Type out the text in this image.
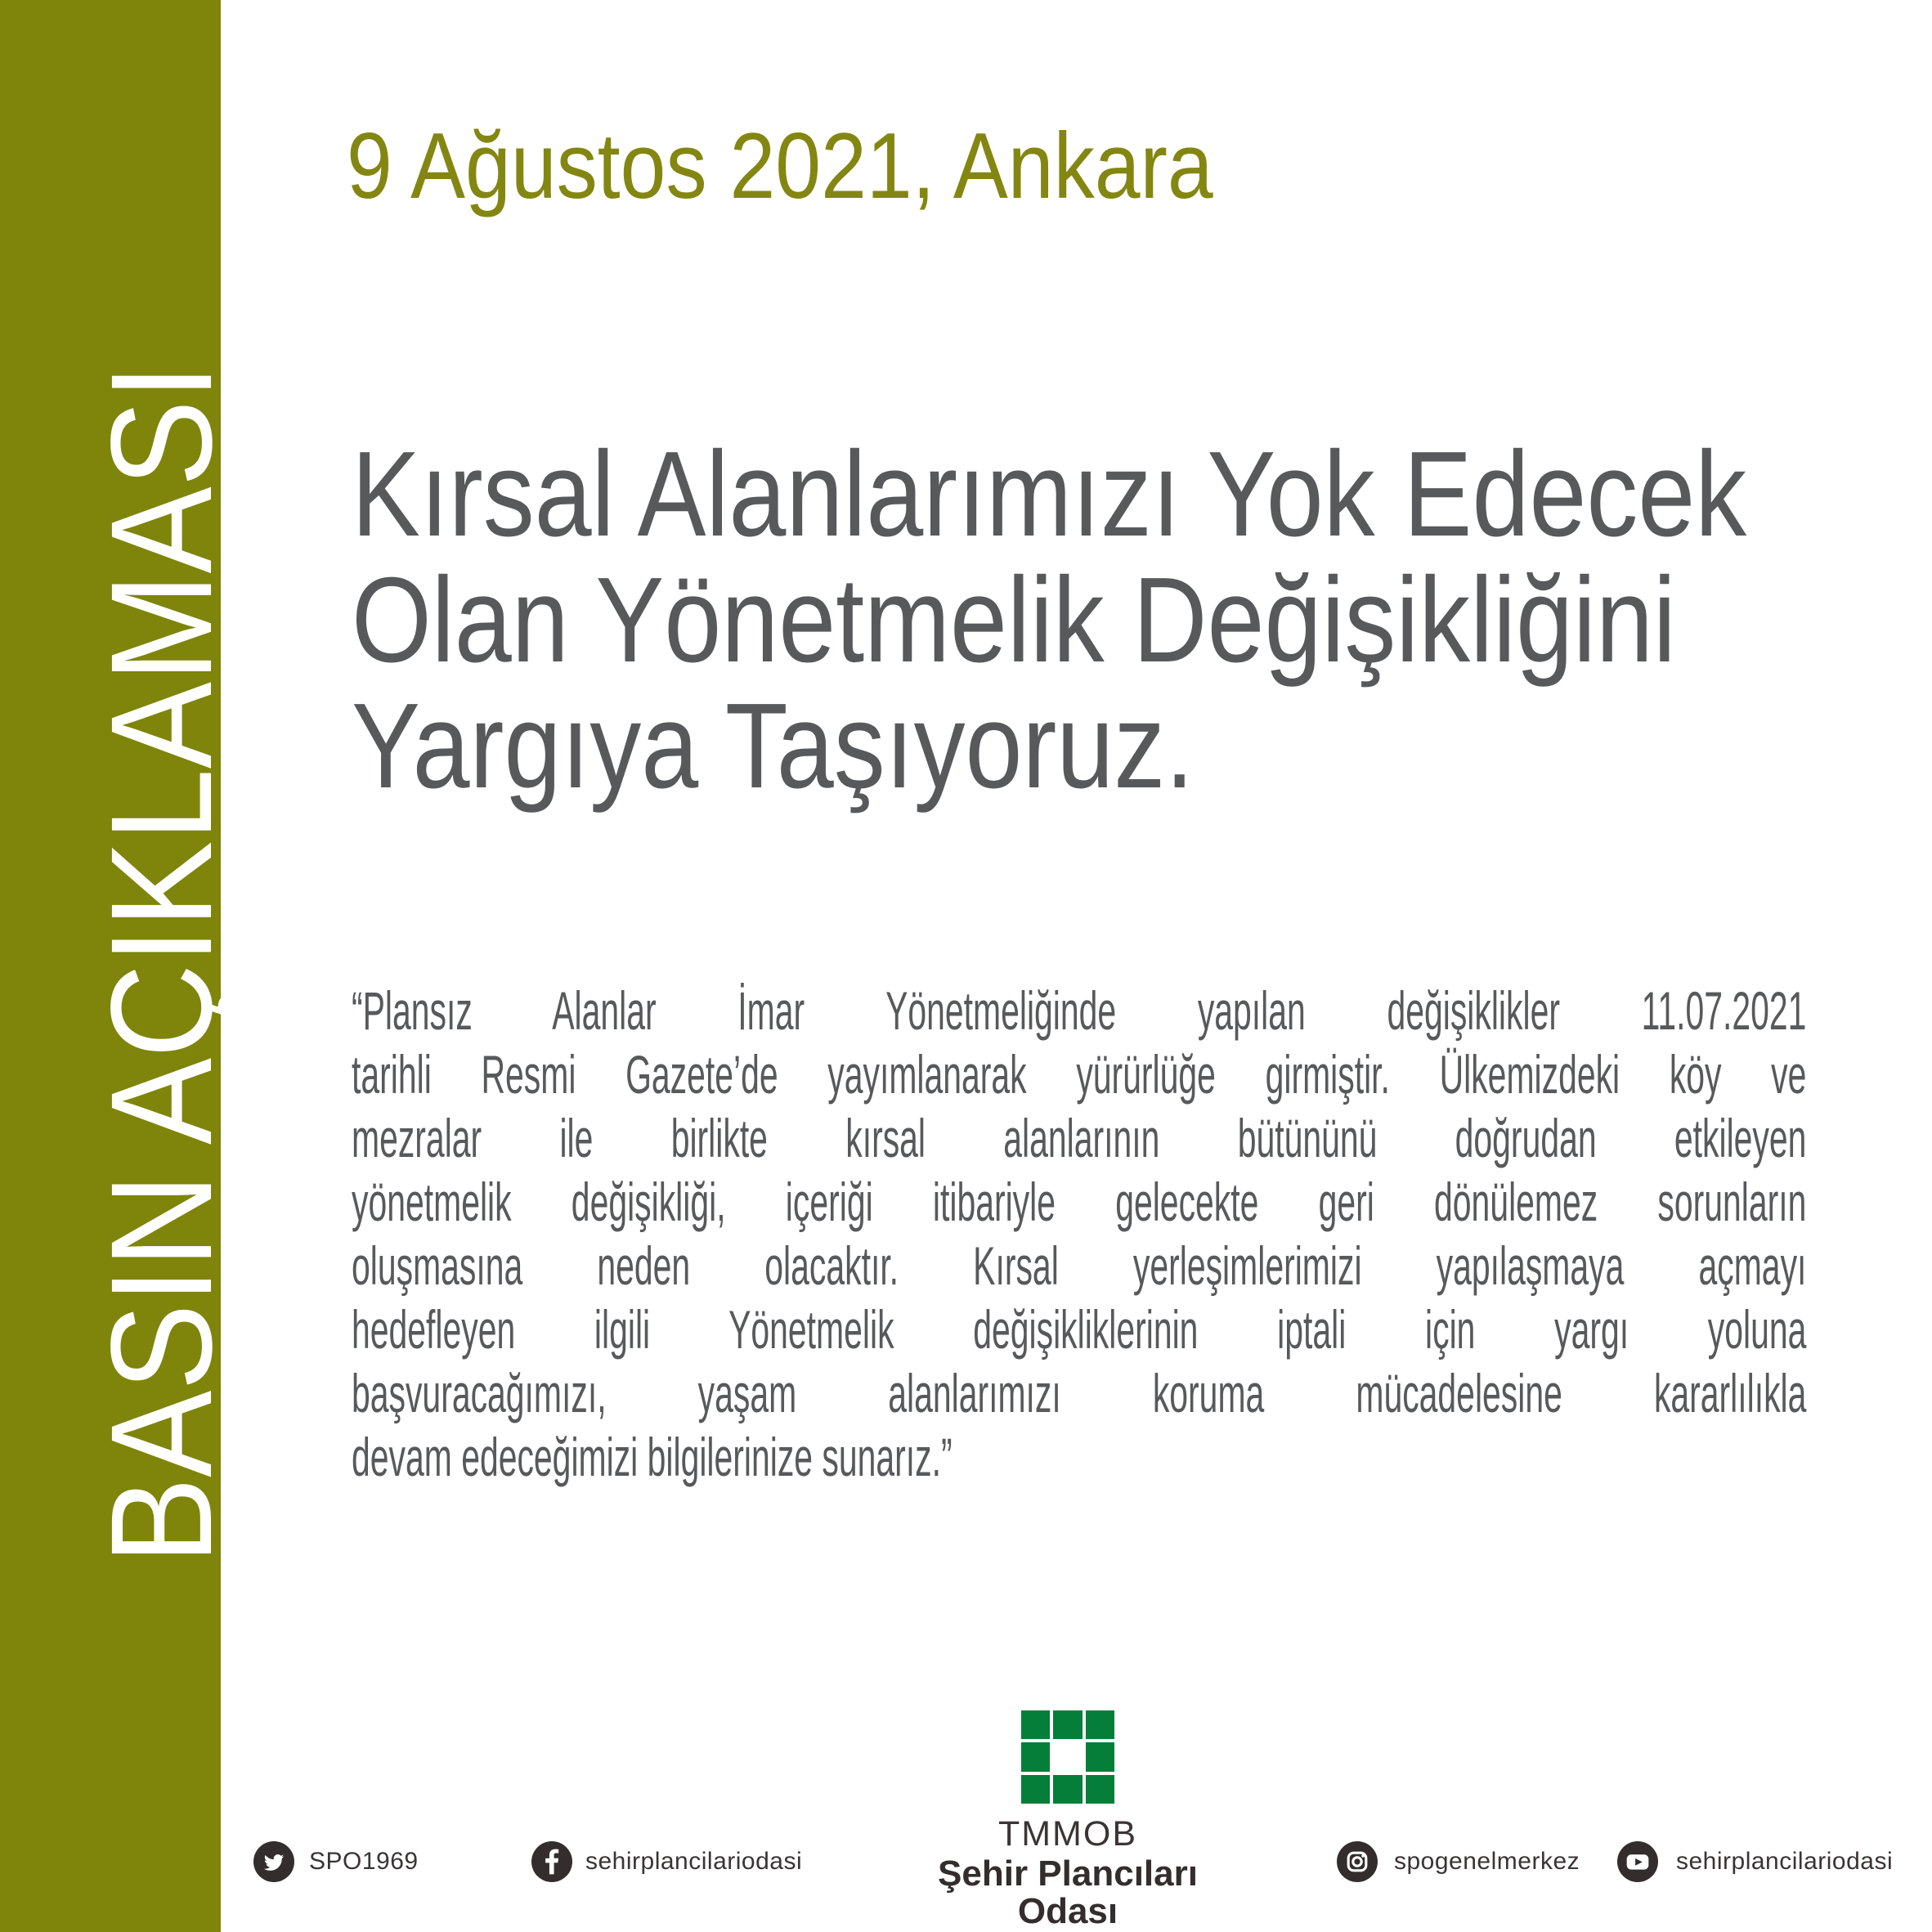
BASIN AÇIKLAMASI
9 Ağustos 2021, Ankara
Kırsal Alanlarımızı Yok Edecek
Olan Yönetmelik Değişikliğini
Yargıya Taşıyoruz.
“Plansız Alanlar İmar Yönetmeliğinde yapılan değişiklikler 11.07.2021
tarihli Resmi Gazete’de yayımlanarak yürürlüğe girmiştir. Ülkemizdeki köy ve
mezralar ile birlikte kırsal alanlarının bütününü doğrudan etkileyen
yönetmelik değişikliği, içeriği itibariyle gelecekte geri dönülemez sorunların
oluşmasına neden olacaktır. Kırsal yerleşimlerimizi yapılaşmaya açmayı
hedefleyen ilgili Yönetmelik değişikliklerinin iptali için yargı yoluna
başvuracağımızı, yaşam alanlarımızı koruma mücadelesine kararlılıkla
devam edeceğimizi bilgilerinize sunarız.”
TMMOB
Şehir Plancıları Odası
SPO1969	sehirplancilariodasi	spogenelmerkez	sehirplancilariodasi
